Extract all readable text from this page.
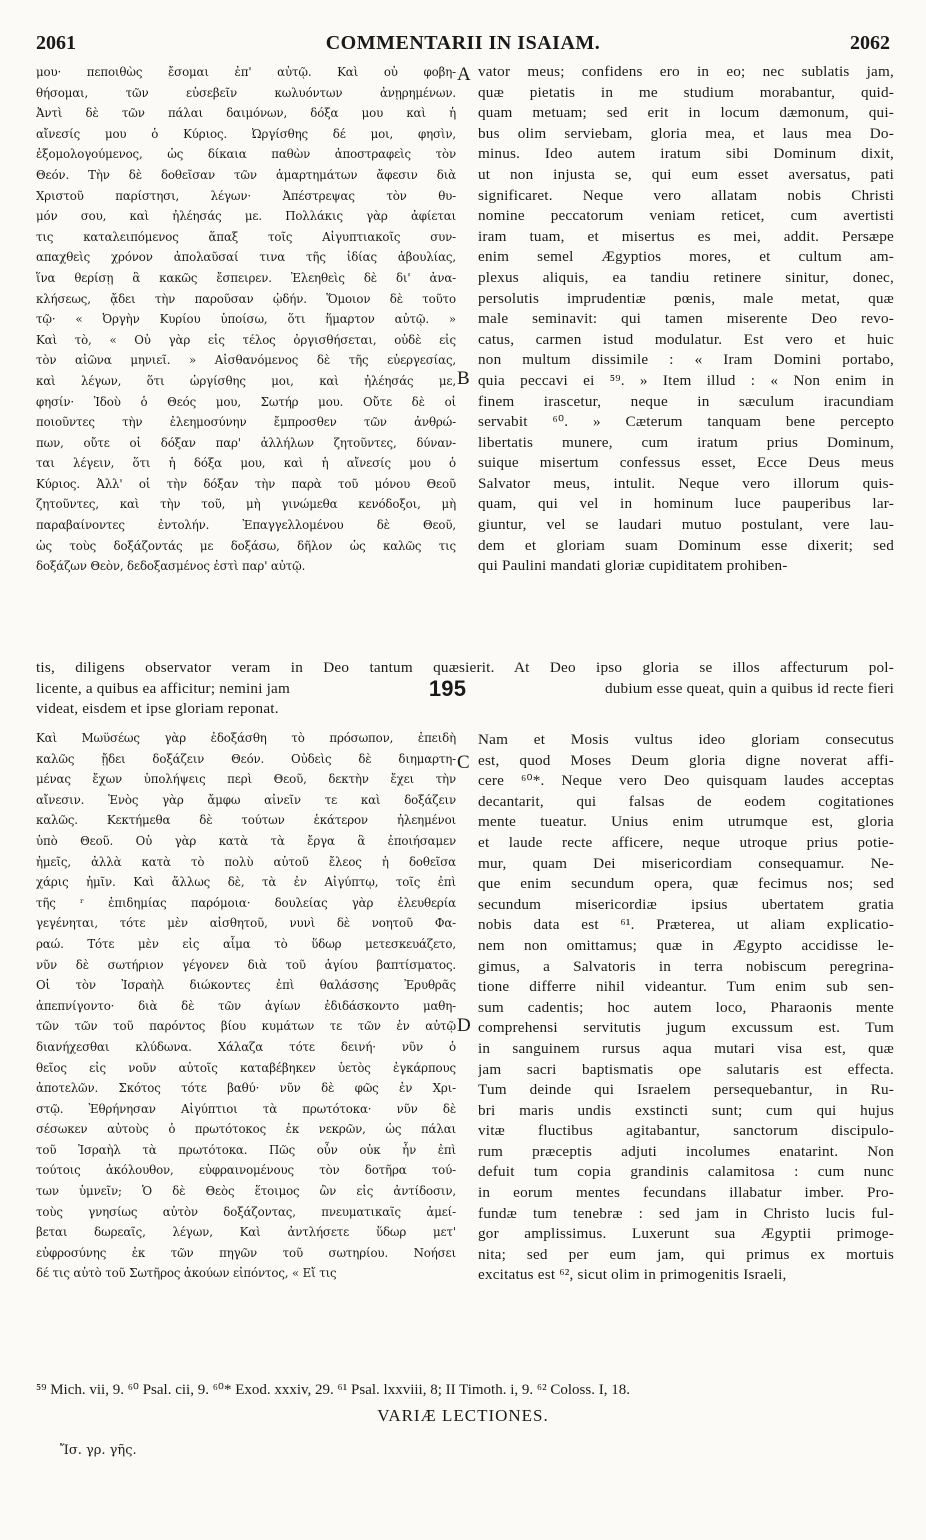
2061	COMMENTARII IN ISAIAM.	2062
μου· πεποιθὼς ἔσομαι ἐπ' αὐτῷ. Καὶ οὐ φοβη-
θήσομαι, τῶν εὐσεβεῖν κωλυόντων ἀνῃρημένων.
Ἀντὶ δὲ τῶν πάλαι δαιμόνων, δόξα μου καὶ ἡ
αἴνεσίς μου ὁ Κύριος. Ὠργίσθης δέ μοι, φησὶν,
ἐξομολογούμενος, ὡς δίκαια παθὼν ἀποστραφεὶς τὸν
Θεόν. Τὴν δὲ δοθεῖσαν τῶν ἁμαρτημάτων ἄφεσιν διὰ
Χριστοῦ παρίστησι, λέγων· Ἀπέστρεψας τὸν θυ-
μόν σου, καὶ ἠλέησάς με. Πολλάκις γὰρ ἀφίεται
τις καταλειπόμενος ἅπαξ τοῖς Αἰγυπτιακοῖς συν-
απαχθεὶς χρόνον ἀπολαῦσαί τινα τῆς ἰδίας ἀβουλίας,
ἵνα θερίσῃ ἃ κακῶς ἔσπειρεν. Ἐλεηθεὶς δὲ δι' ἀνα-
κλήσεως, ᾄδει τὴν παροῦσαν ᾠδήν. Ὅμοιον δὲ τοῦτο
τῷ· « Ὀργὴν Κυρίου ὑποίσω, ὅτι ἥμαρτον αὐτῷ. »
Καὶ τὸ, « Οὐ γὰρ εἰς τέλος ὀργισθήσεται, οὐδὲ εἰς
τὸν αἰῶνα μηνιεῖ. » Αἰσθανόμενος δὲ τῆς εὐεργεσίας,
καὶ λέγων, ὅτι ὠργίσθης μοι, καὶ ἠλέησάς με,
φησίν· Ἰδοὺ ὁ Θεός μου, Σωτήρ μου. Οὔτε δὲ οἱ
ποιοῦντες τὴν ἐλεημοσύνην ἔμπροσθεν τῶν ἀνθρώ-
πων, οὔτε οἱ δόξαν παρ' ἀλλήλων ζητοῦντες, δύναν-
ται λέγειν, ὅτι ἡ δόξα μου, καὶ ἡ αἴνεσίς μου ὁ
Κύριος. Ἀλλ' οἱ τὴν δόξαν τὴν παρὰ τοῦ μόνου Θεοῦ
ζητοῦντες, καὶ τὴν τοῦ, μὴ γινώμεθα κενόδοξοι, μὴ
παραβαίνοντες ἐντολήν. Ἐπαγγελλομένου δὲ Θεοῦ,
ὡς τοὺς δοξάζοντάς με δοξάσω, δῆλον ὡς καλῶς τις
δοξάζων Θεὸν, δεδοξασμένος ἐστὶ παρ' αὐτῷ.
vator meus; confidens ero in eo; nec sublatis jam,
quæ pietatis in me studium morabantur, quid-
quam metuam; sed erit in locum dæmonum, qui-
bus olim serviebam, gloria mea, et laus mea Do-
minus. Ideo autem iratum sibi Dominum dixit,
ut non injusta se, qui eum esset aversatus, pati
significaret. Neque vero allatam nobis Christi
nomine peccatorum veniam reticet, cum avertisti
iram tuam, et misertus es mei, addit. Persæpe
enim semel Ægyptios mores, et cultum am-
plexus aliquis, ea tandiu retinere sinitur, donec,
persolutis imprudentiæ pœnis, male metat, quæ
male seminavit: qui tamen miserente Deo revo-
catus, carmen istud modulatur. Est vero et huic
non multum dissimile : « Iram Domini portabo,
quia peccavi ei ⁵⁹. » Item illud : « Non enim in
finem irascetur, neque in sæculum iracundiam
servabit ⁶⁰. » Cæterum tanquam bene percepto
libertatis munere, cum iratum prius Dominum,
suique misertum confessus esset, Ecce Deus meus
Salvator meus, intulit. Neque vero illorum quis-
quam, qui vel in hominum luce pauperibus lar-
giuntur, vel se laudari mutuo postulant, vere lau-
dem et gloriam suam Dominum esse dixerit; sed
qui Paulini mandati gloriæ cupiditatem prohiben-
A
B
C
D
tis, diligens observator veram in Deo tantum quæsierit. At Deo ipso gloria se illos affecturum pol-
licente, a quibus ea afficitur; nemini jam	195	dubium esse queat, quin a quibus id recte fieri
videat, eisdem et ipse gloriam reponat.
Καὶ Μωϋσέως γὰρ ἐδοξάσθη τὸ πρόσωπον, ἐπειδὴ
καλῶς ᾔδει δοξάζειν Θεόν. Οὐδεὶς δὲ διημαρτη-
μένας ἔχων ὑπολήψεις περὶ Θεοῦ, δεκτὴν ἔχει τὴν
αἴνεσιν. Ἑνὸς γὰρ ἄμφω αἰνεῖν τε καὶ δοξάζειν
καλῶς. Κεκτήμεθα δὲ τούτων ἑκάτερον ἠλεημένοι
ὑπὸ Θεοῦ. Οὐ γὰρ κατὰ τὰ ἔργα ἃ ἐποιήσαμεν
ἡμεῖς, ἀλλὰ κατὰ τὸ πολὺ αὐτοῦ ἔλεος ἡ δοθεῖσα
χάρις ἡμῖν. Καὶ ἄλλως δὲ, τὰ ἐν Αἰγύπτῳ, τοῖς ἐπὶ
τῆς ʳ ἐπιδημίας παρόμοια· δουλείας γὰρ ἐλευθερία
γεγένηται, τότε μὲν αἰσθητοῦ, νυνὶ δὲ νοητοῦ Φα-
ραώ. Τότε μὲν εἰς αἷμα τὸ ὕδωρ μετεσκευάζετο,
νῦν δὲ σωτήριον γέγονεν διὰ τοῦ ἁγίου βαπτίσματος.
Οἱ τὸν Ἰσραὴλ διώκοντες ἐπὶ θαλάσσης Ἐρυθρᾶς
ἀπεπνίγοντο· διὰ δὲ τῶν ἁγίων ἐδιδάσκοντο μαθη-
τῶν τῶν τοῦ παρόντος βίου κυμάτων τε τῶν ἐν αὐτῷ
διανήχεσθαι κλύδωνα. Χάλαζα τότε δεινή· νῦν ὁ
θεῖος εἰς νοῦν αὐτοῖς καταβέβηκεν ὑετὸς ἐγκάρπους
ἀποτελῶν. Σκότος τότε βαθύ· νῦν δὲ φῶς ἐν Χρι-
στῷ. Ἐθρήνησαν Αἰγύπτιοι τὰ πρωτότοκα· νῦν δὲ
σέσωκεν αὐτοὺς ὁ πρωτότοκος ἐκ νεκρῶν, ὡς πάλαι
τοῦ Ἰσραὴλ τὰ πρωτότοκα. Πῶς οὖν οὐκ ἦν ἐπὶ
τούτοις ἀκόλουθον, εὐφραινομένους τὸν δοτῆρα τού-
των ὑμνεῖν; Ὁ δὲ Θεὸς ἕτοιμος ὢν εἰς ἀντίδοσιν,
τοὺς γνησίως αὐτὸν δοξάζοντας, πνευματικαῖς ἀμεί-
βεται δωρεαῖς, λέγων, Καὶ ἀντλήσετε ὕδωρ μετ'
εὐφροσύνης ἐκ τῶν πηγῶν τοῦ σωτηρίου. Νοήσει
δέ τις αὐτὸ τοῦ Σωτῆρος ἀκούων εἰπόντος, « Εἴ τις
Nam et Mosis vultus ideo gloriam consecutus
est, quod Moses Deum gloria digne noverat affi-
cere ⁶⁰*. Neque vero Deo quisquam laudes acceptas
decantarit, qui falsas de eodem cogitationes
mente tueatur. Unius enim utrumque est, gloria
et laude recte afficere, neque utroque prius potie-
mur, quam Dei misericordiam consequamur. Ne-
que enim secundum opera, quæ fecimus nos; sed
secundum misericordiæ ipsius ubertatem gratia
nobis data est ⁶¹. Præterea, ut aliam explicatio-
nem non omittamus; quæ in Ægypto accidisse le-
gimus, a Salvatoris in terra nobiscum peregrina-
tione differre nihil videantur. Tum enim sub sen-
sum cadentis; hoc autem loco, Pharaonis mente
comprehensi servitutis jugum excussum est. Tum
in sanguinem rursus aqua mutari visa est, quæ
jam sacri baptismatis ope salutaris est effecta.
Tum deinde qui Israelem persequebantur, in Ru-
bri maris undis exstincti sunt; cum qui hujus
vitæ fluctibus agitabantur, sanctorum discipulo-
rum præceptis adjuti incolumes enatarint. Non
defuit tum copia grandinis calamitosa : cum nunc
in eorum mentes fecundans illabatur imber. Pro-
fundæ tum tenebræ : sed jam in Christo lucis ful-
gor amplissimus. Luxerunt sua Ægyptii primoge-
nita; sed per eum jam, qui primus ex mortuis
excitatus est ⁶², sicut olim in primogenitis Israeli,
⁵⁹ Mich. vii, 9. ⁶⁰ Psal. cii, 9. ⁶⁰* Exod. xxxiv, 29. ⁶¹ Psal. lxxviii, 8; II Timoth. i, 9. ⁶² Coloss. I, 18.
VARIÆ LECTIONES.
Ἴσ. γρ. γῆς.
